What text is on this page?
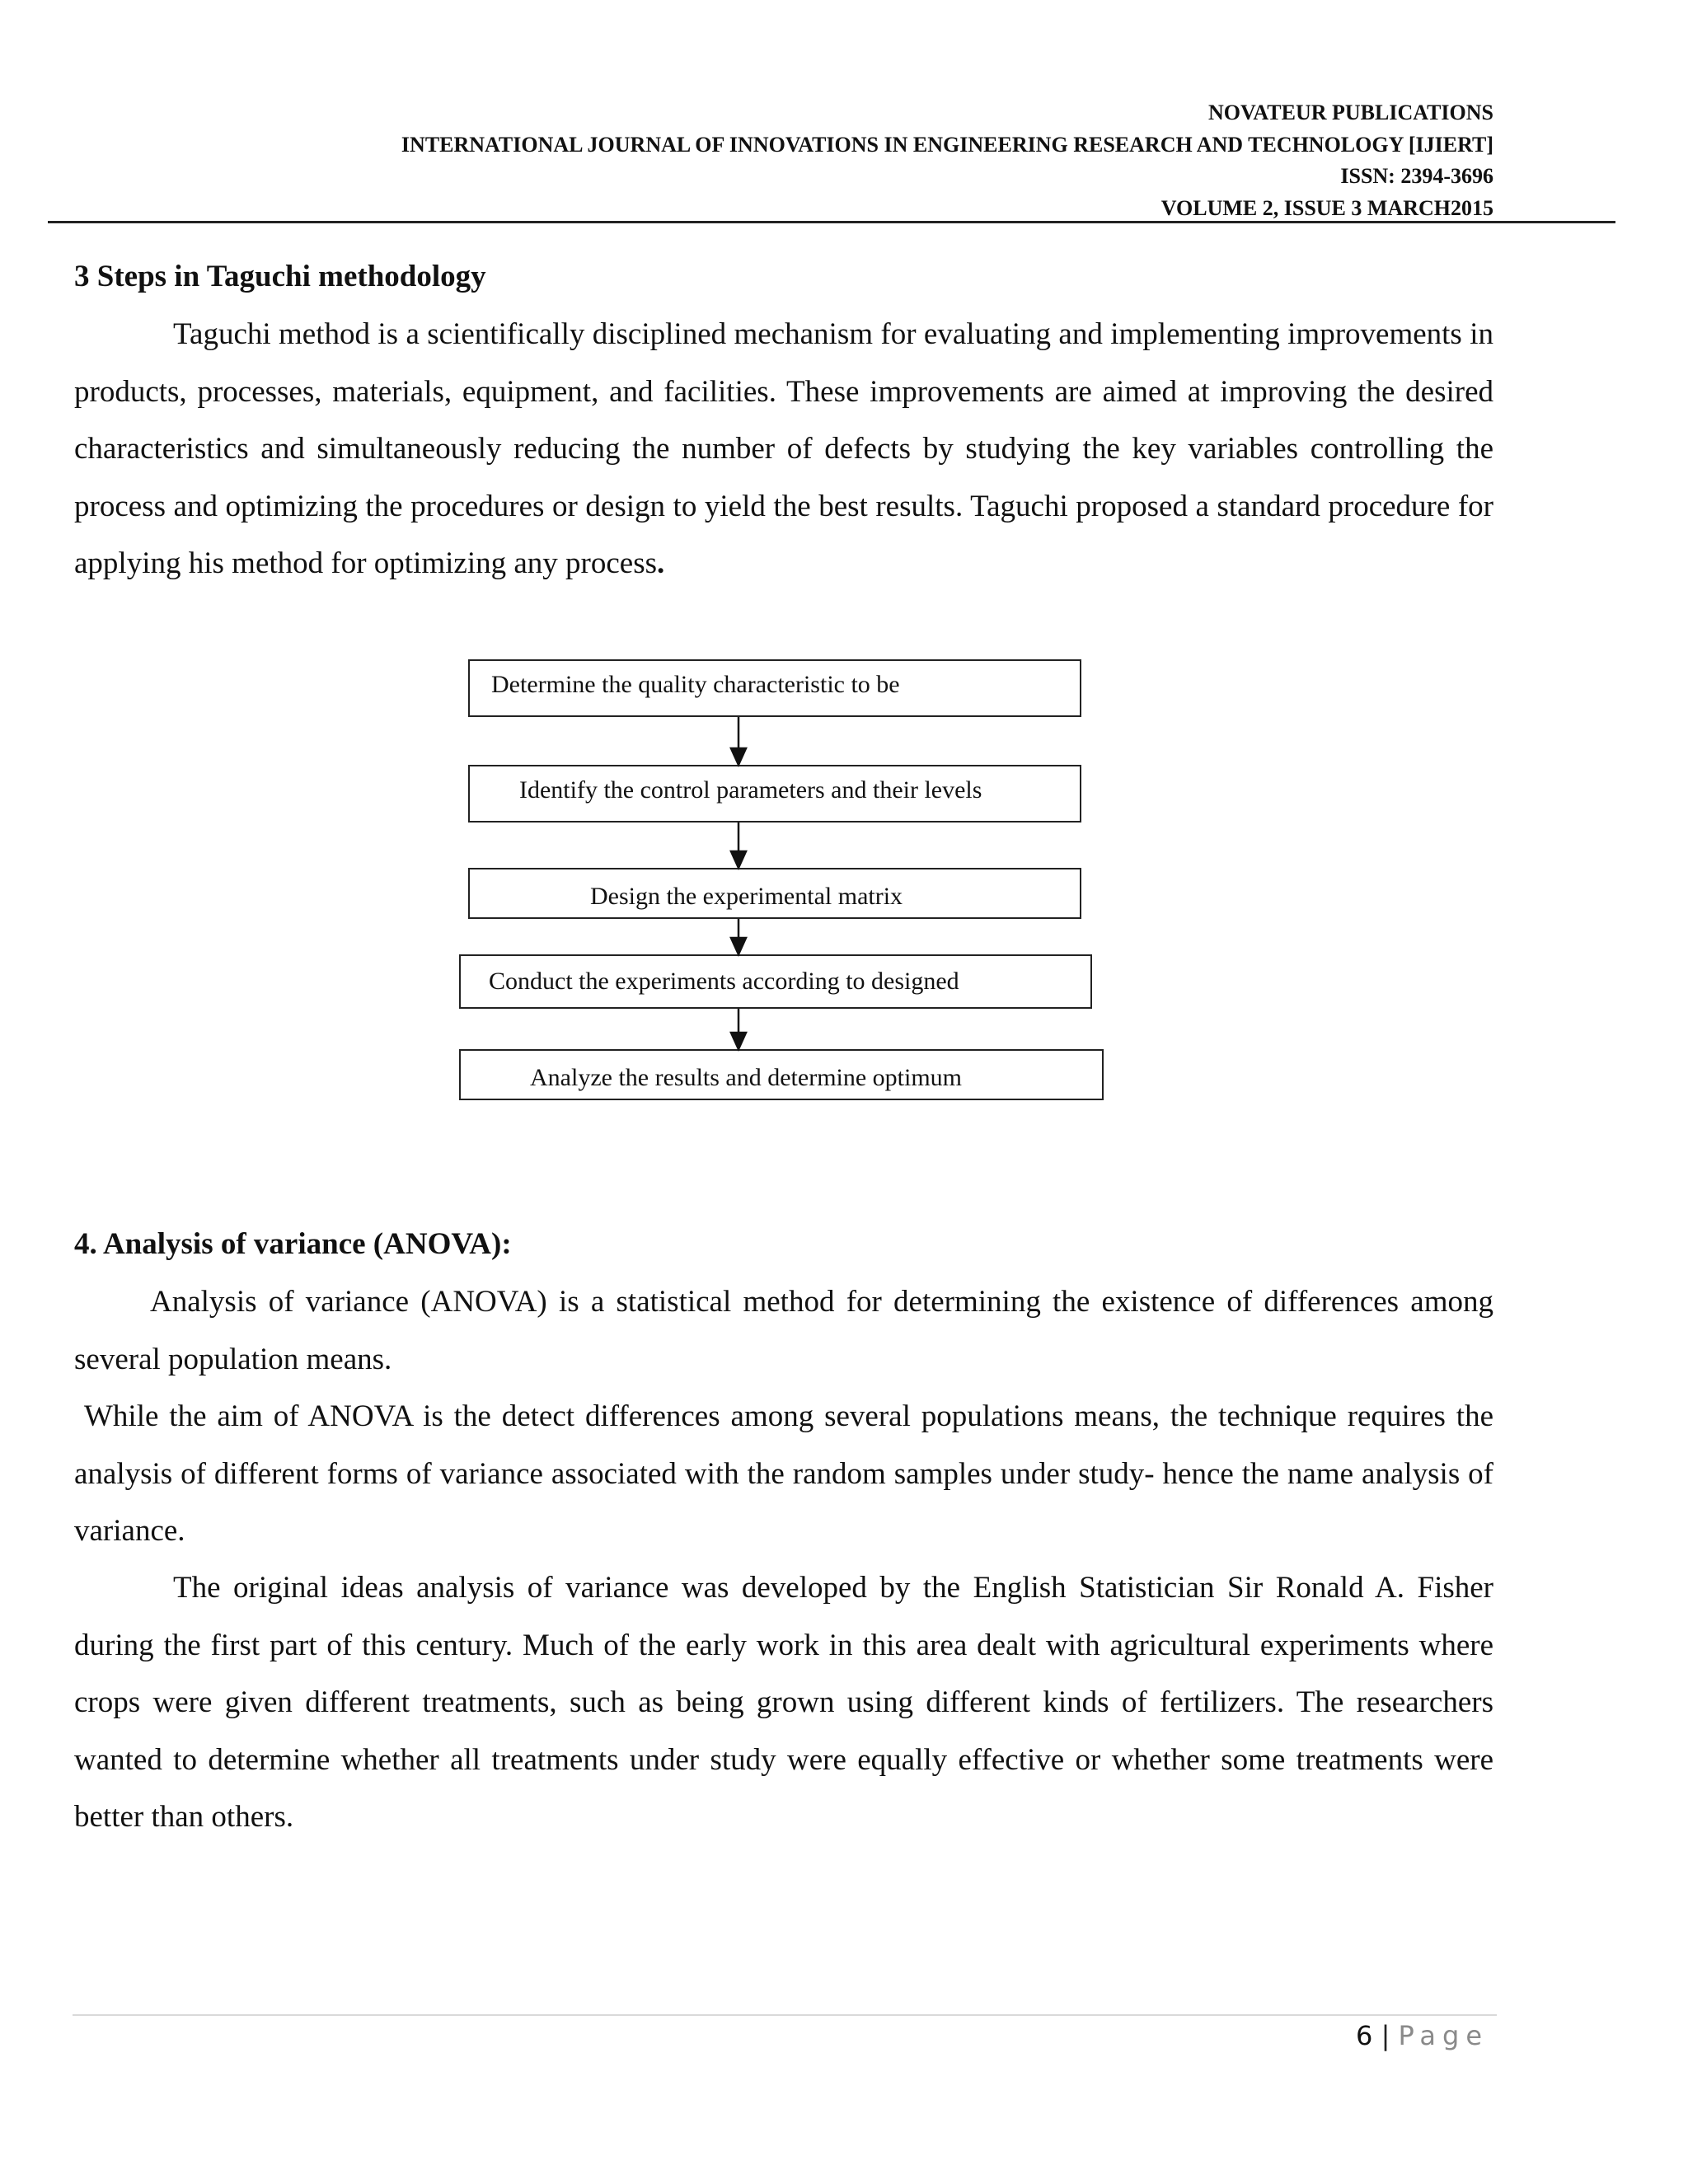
NOVATEUR PUBLICATIONS
INTERNATIONAL JOURNAL OF INNOVATIONS IN ENGINEERING RESEARCH AND TECHNOLOGY [IJIERT]
ISSN: 2394-3696
VOLUME 2, ISSUE 3 MARCH2015
3 Steps in Taguchi methodology

Taguchi method is a scientifically disciplined mechanism for evaluating and implementing improvements in products, processes, materials, equipment, and facilities. These improvements are aimed at improving the desired characteristics and simultaneously reducing the number of defects by studying the key variables controlling the process and optimizing the procedures or design to yield the best results. Taguchi proposed a standard procedure for applying his method for optimizing any process.

Determine the quality characteristic to be
Identify the control parameters and their levels
Design the experimental matrix
Conduct the experiments according to designed
Analyze the results and determine optimum
4. Analysis of variance (ANOVA):

Analysis of variance (ANOVA) is a statistical method for determining the existence of differences among several population means.

While the aim of ANOVA is the detect differences among several populations means, the technique requires the analysis of different forms of variance associated with the random samples under study- hence the name analysis of variance.

The original ideas analysis of variance was developed by the English Statistician Sir Ronald A. Fisher during the first part of this century. Much of the early work in this area dealt with agricultural experiments where crops were given different treatments, such as being grown using different kinds of fertilizers. The researchers wanted to determine whether all treatments under study were equally effective or whether some treatments were better than others.

6 | Page
